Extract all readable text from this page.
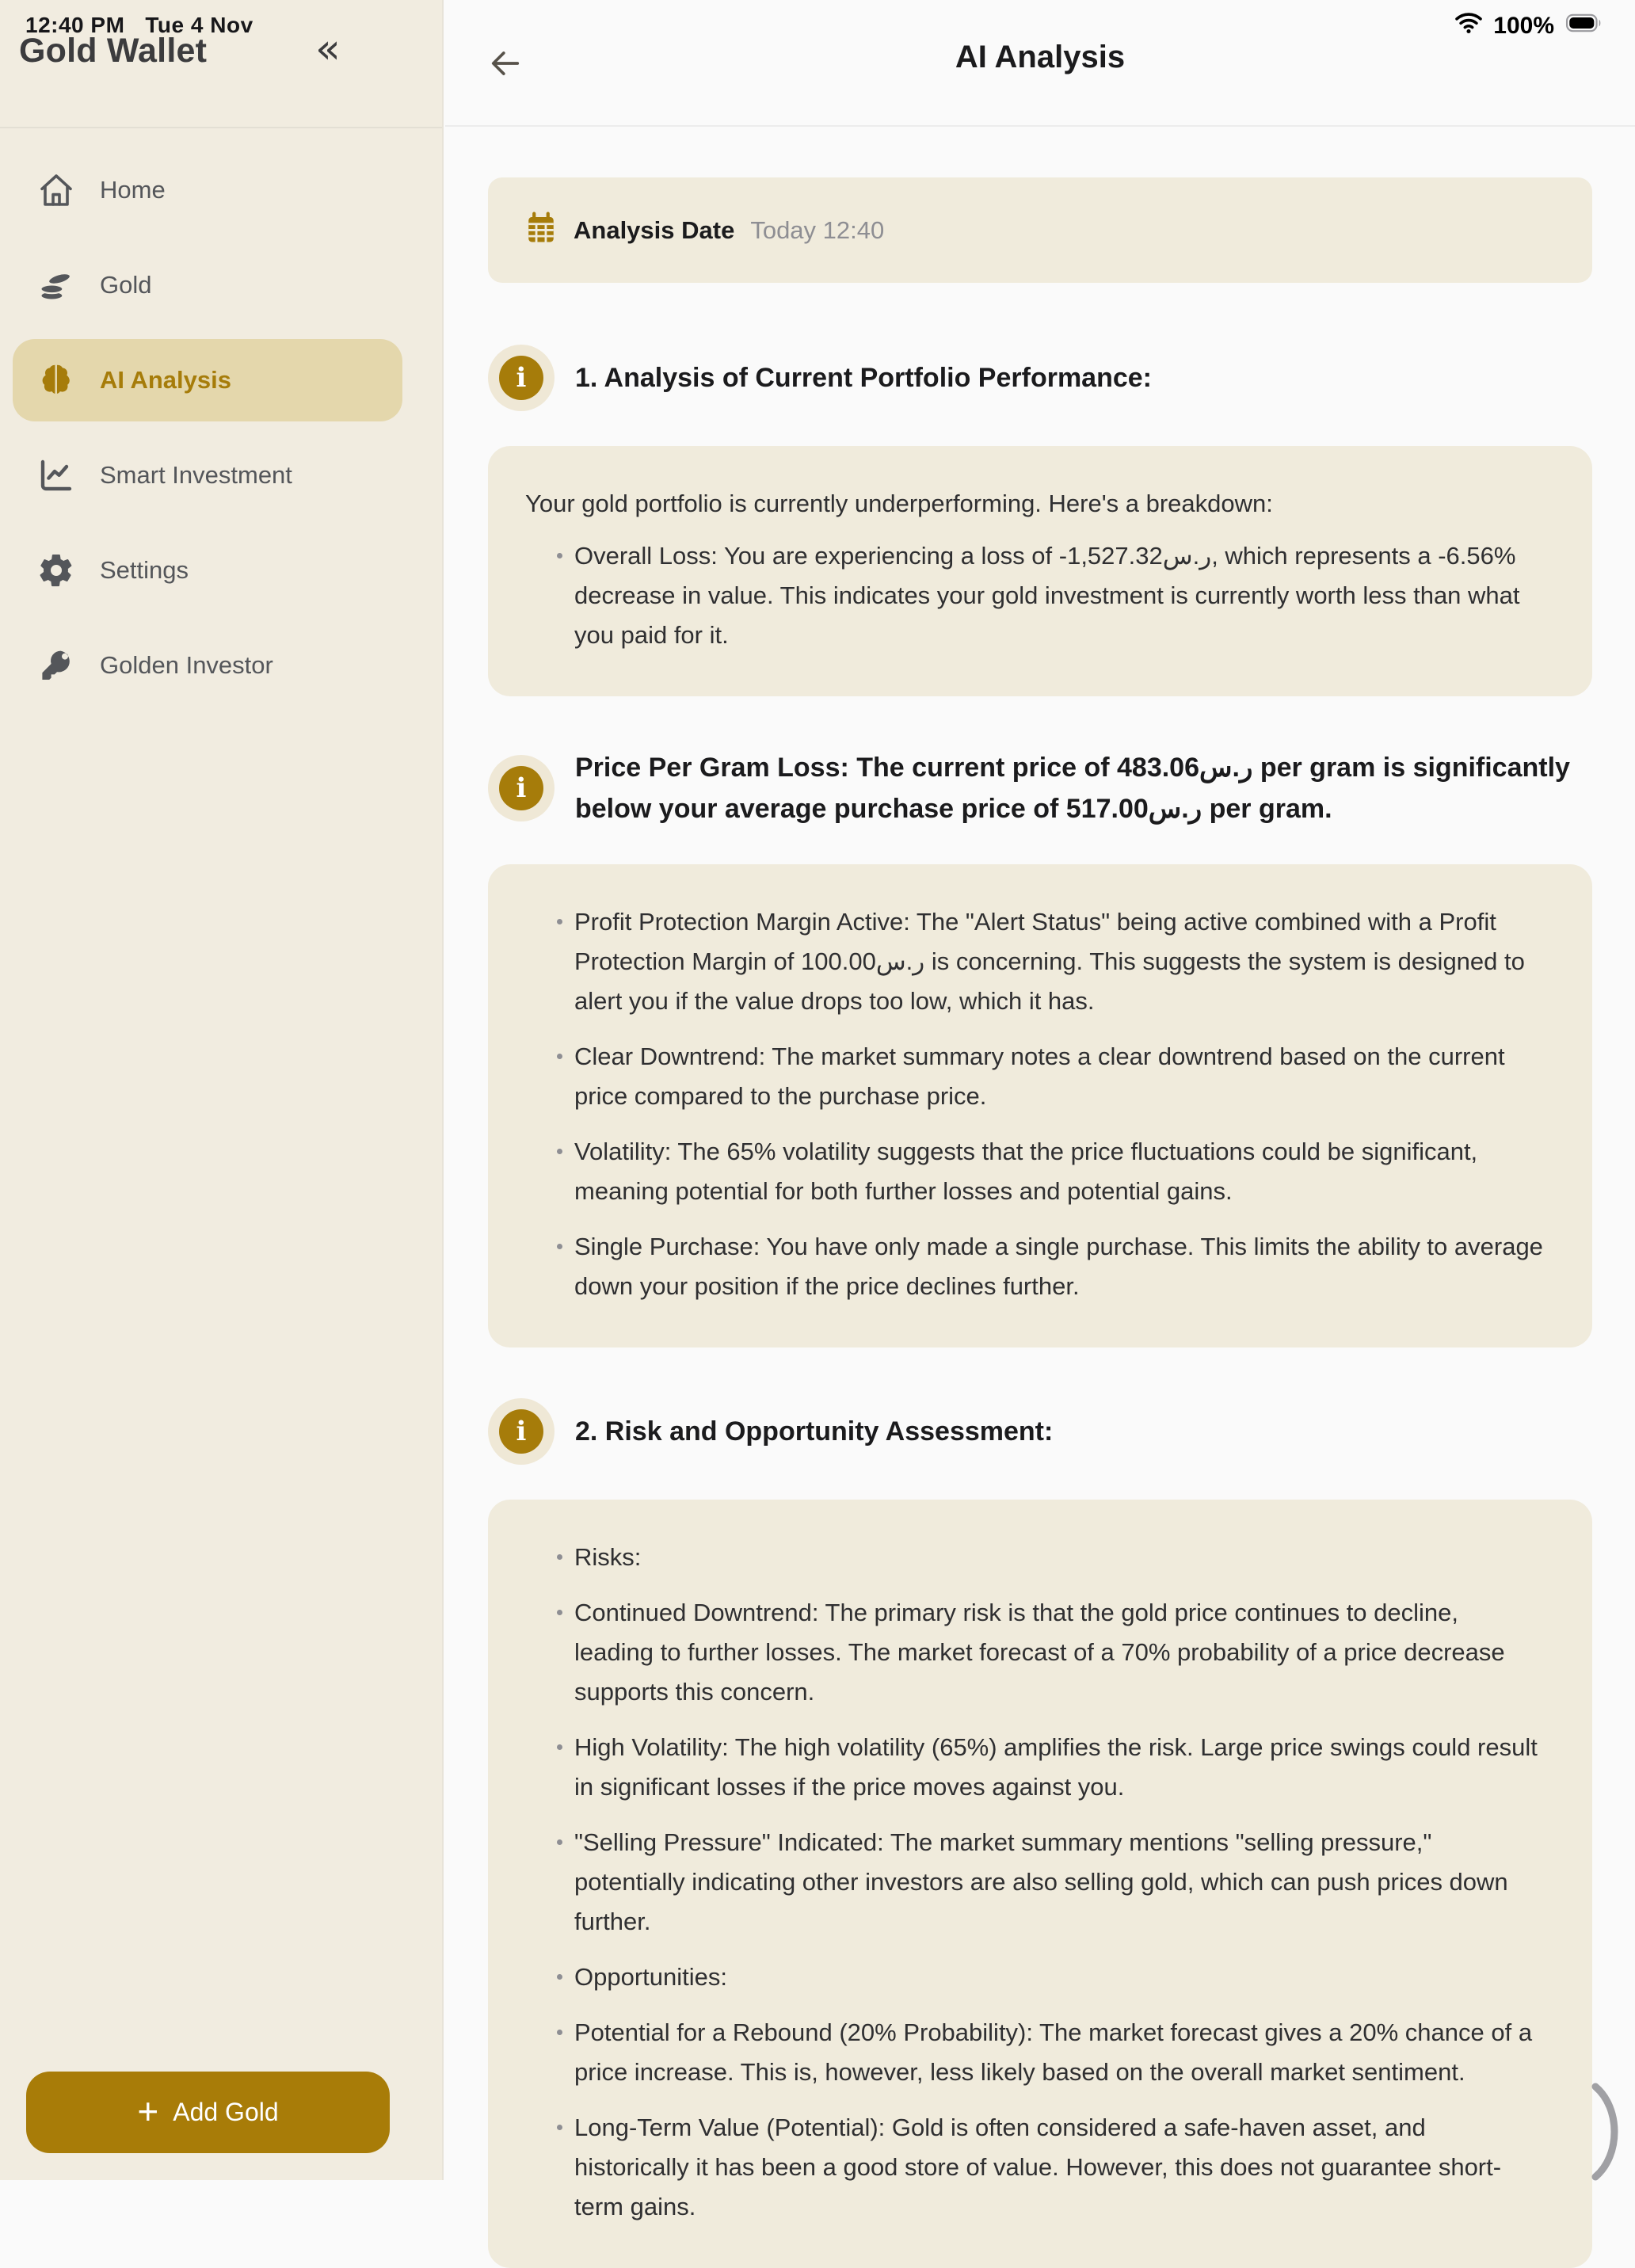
12:40 PM Tue 4 Nov
Gold Wallet	«
Home
Gold
AI Analysis
Smart Investment
Settings
Golden Investor
+ Add Gold
100%
AI Analysis
Analysis Date Today 12:40
i	1. Analysis of Current Portfolio Performance:

Your gold portfolio is currently underperforming. Here's a breakdown:

Overall Loss: You are experiencing a loss of -1,527.32ر.س, which represents a -6.56% decrease in value. This indicates your gold investment is currently worth less than what you paid for it.
i
Price Per Gram Loss: The current price of 483.06ر.س per gram is significantly below your average purchase price of 517.00ر.س per gram.
Profit Protection Margin Active: The "Alert Status" being active combined with a Profit Protection Margin of 100.00ر.س is concerning. This suggests the system is designed to alert you if the value drops too low, which it has.
Clear Downtrend: The market summary notes a clear downtrend based on the current price compared to the purchase price.
Volatility: The 65% volatility suggests that the price fluctuations could be significant, meaning potential for both further losses and potential gains.
Single Purchase: You have only made a single purchase. This limits the ability to average down your position if the price declines further.
i	2. Risk and Opportunity Assessment:
Risks:
Continued Downtrend: The primary risk is that the gold price continues to decline, leading to further losses. The market forecast of a 70% probability of a price decrease supports this concern.
High Volatility: The high volatility (65%) amplifies the risk. Large price swings could result in significant losses if the price moves against you.
"Selling Pressure" Indicated: The market summary mentions "selling pressure," potentially indicating other investors are also selling gold, which can push prices down further.
Opportunities:
Potential for a Rebound (20% Probability): The market forecast gives a 20% chance of a price increase. This is, however, less likely based on the overall market sentiment.
Long-Term Value (Potential): Gold is often considered a safe-haven asset, and historically it has been a good store of value. However, this does not guarantee short-term gains.
